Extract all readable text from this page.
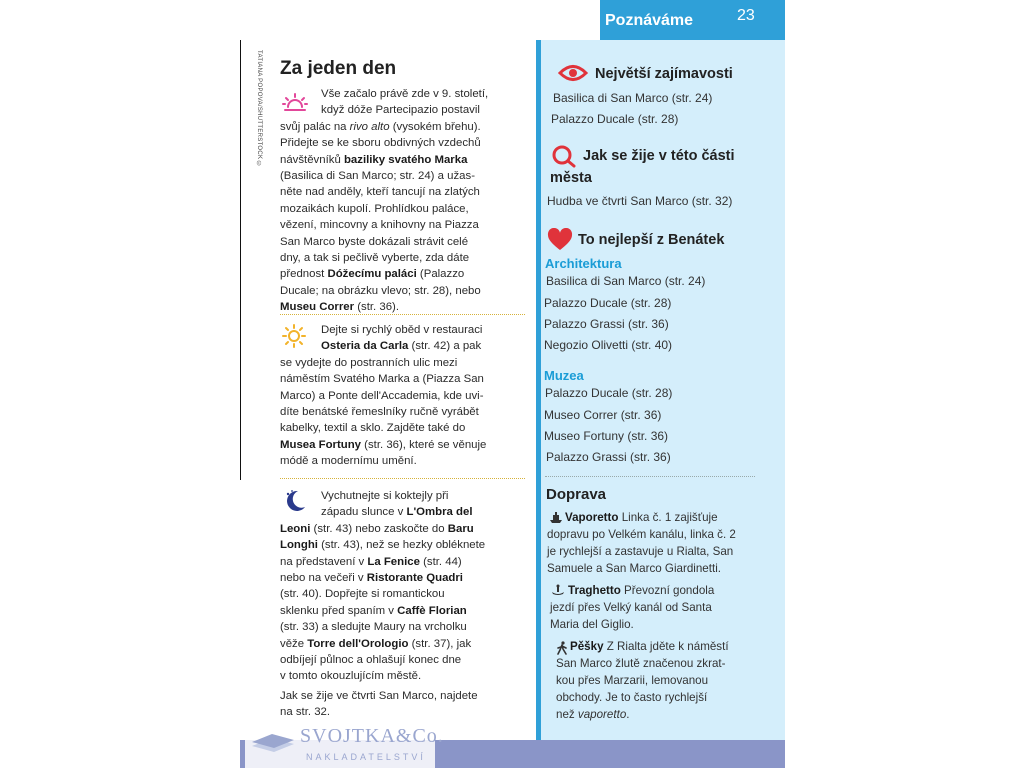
Poznáváme	23
TATIANA POPOVA/SHUTTERSTOCK © Za jeden den
Vše začalo právě zde v 9. století,
když dóže Partecipazio postavil
svůj palác na rivo alto (vysokém břehu).
Přidejte se ke sboru obdivných vzdechů
návštěvníků baziliky svatého Marka
(Basilica di San Marco; str. 24) a užas-
něte nad anděly, kteří tancují na zlatých
mozaikách kupolí. Prohlídkou paláce,
vězení, mincovny a knihovny na Piazza
San Marco byste dokázali strávit celé
dny, a tak si pečlivě vyberte, zda dáte
přednost Dóžecímu paláci (Palazzo
Ducale; na obrázku vlevo; str. 28), nebo
Museu Correr (str. 36).
Dejte si rychlý oběd v restauraci
Osteria da Carla (str. 42) a pak
se vydejte do postranních ulic mezi
náměstím Svatého Marka a (Piazza San
Marco) a Ponte dell'Accademia, kde uvi-
díte benátské řemeslníky ručně vyrábět
kabelky, textil a sklo. Zajděte také do
Musea Fortuny (str. 36), které se věnuje
módě a modernímu umění.
Vychutnejte si koktejly při
západu slunce v L'Ombra del
Leoni (str. 43) nebo zaskočte do Baru
Longhi (str. 43), než se hezky obléknete
na představení v La Fenice (str. 44)
nebo na večeři v Ristorante Quadri
(str. 40). Dopřejte si romantickou
sklenku před spaním v Caffè Florian
(str. 33) a sledujte Maury na vrcholku
věže Torre dell'Orologio (str. 37), jak
odbíjejí půlnoc a ohlašují konec dne
v tomto okouzlujícím městě.
Jak se žije ve čtvrti San Marco, najdete
na str. 32.
Největší zajímavosti
Basilica di San Marco (str. 24)
Palazzo Ducale (str. 28)
Jak se žije v této části
města
Hudba ve čtvrti San Marco (str. 32)
To nejlepší z Benátek
Architektura
Basilica di San Marco (str. 24)
Palazzo Ducale (str. 28)
Palazzo Grassi (str. 36)
Negozio Olivetti (str. 40)
Muzea
Palazzo Ducale (str. 28)
Museo Correr (str. 36)
Museo Fortuny (str. 36)
Palazzo Grassi (str. 36)
Doprava
Vaporetto Linka č. 1 zajišťuje
dopravu po Velkém kanálu, linka č. 2
je rychlejší a zastavuje u Rialta, San
Samuele a San Marco Giardinetti.
Traghetto Převozní gondola
jezdí přes Velký kanál od Santa
Maria del Giglio.
Pěšky Z Rialta jděte k náměstí
San Marco žlutě značenou zkrat-
kou přes Marzarii, lemovanou
obchody. Je to často rychlejší
než vaporetto.
SVOJTKA&Co.
NAKLADATELSTVÍ
